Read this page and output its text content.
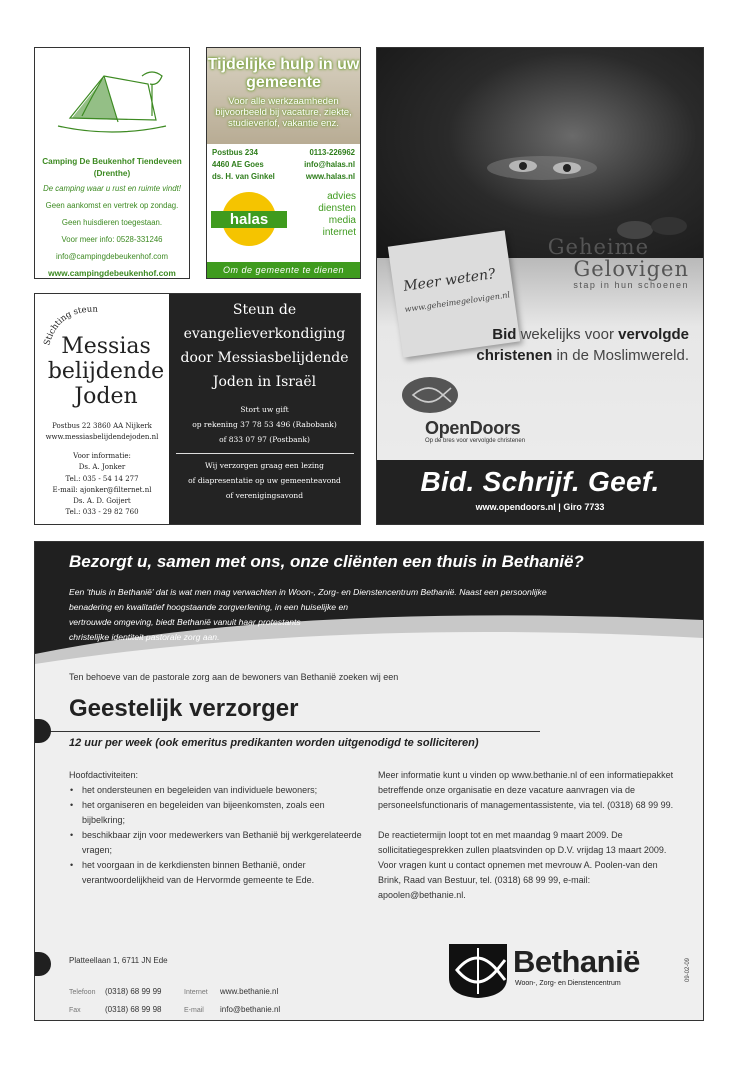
Camping De Beukenhof Tiendeveen (Drenthe)
De camping waar u rust en ruimte vindt!
Geen aankomst en vertrek op zondag.
Geen huisdieren toegestaan.
Voor meer info: 0528-331246
info@campingdebeukenhof.com
www.campingdebeukenhof.com
Tijdelijke hulp in uw gemeente
Voor alle werkzaamheden bijvoorbeeld bij vacature, ziekte, studieverlof, vakantie enz.
Postbus 234	0113-226962
4460 AE Goes	info@halas.nl
ds. H. van Ginkel	www.halas.nl
halas
advies
diensten
media
internet
Om de gemeente te dienen	Meer weten?
www.geheimegelovigen.nl
Geheime
Gelovigen
stap in hun schoenen
Bid wekelijks voor vervolgde
christenen in de Moslimwereld.
OpenDoors
Op de bres voor vervolgde christenen
Bid. Schrijf. Geef.
www.opendoors.nl | Giro 7733
Stichting steun
Messias
belijdende
Joden
Postbus 22 3860 AA Nijkerk
www.messiasbelijdendejoden.nl
Voor informatie:
Ds. A. Jonker
Tel.: 035 - 54 14 277
E-mail: ajonker@filternet.nl
Ds. A. D. Goijert
Tel.: 033 - 29 82 760
Steun de
evangelieverkondiging
door Messiasbelijdende
Joden in Israël
Stort uw gift
op rekening 37 78 53 496 (Rabobank)
of 833 07 97 (Postbank)
Wij verzorgen graag een lezing
of diapresentatie op uw gemeenteavond
of verenigingsavond
Bezorgt u, samen met ons, onze cliënten een thuis in Bethanië?
Een 'thuis in Bethanië' dat is wat men mag verwachten in Woon-, Zorg- en Dienstencentrum Bethanië. Naast een persoonlijke
benadering en kwalitatief hoogstaande zorgverlening, in een huiselijke en
vertrouwde omgeving, biedt Bethanië vanuit haar protestants
christelijke identiteit pastorale zorg aan.
Ten behoeve van de pastorale zorg aan de bewoners van Bethanië zoeken wij een
Geestelijk verzorger
12 uur per week (ook emeritus predikanten worden uitgenodigd te solliciteren)
Hoofdactiviteiten:
• het ondersteunen en begeleiden van individuele bewoners;
• het organiseren en begeleiden van bijeenkomsten, zoals een bijbelkring;
• beschikbaar zijn voor medewerkers van Bethanië bij werkgerelateerde vragen;
• het voorgaan in de kerkdiensten binnen Bethanië, onder verantwoordelijkheid van de Hervormde gemeente te Ede.

Meer informatie kunt u vinden op www.bethanie.nl of een informatiepakket betreffende onze organisatie en deze vacature aanvragen via de personeelsfunctionaris of managementassistente, via tel. (0318) 68 99 99.

De reactietermijn loopt tot en met maandag 9 maart 2009. De sollicitatiegesprekken zullen plaatsvinden op D.V. vrijdag 13 maart 2009. Voor vragen kunt u contact opnemen met mevrouw A. Poolen-van den Brink, Raad van Bestuur, tel. (0318) 68 99 99, e-mail: apoolen@bethanie.nl.

Platteellaan 1, 6711 JN Ede
Telefoon (0318) 68 99 99	Internet www.bethanie.nl
Fax	(0318) 68 99 98	E-mail info@bethanie.nl
Bethanië
Woon-, Zorg- en Dienstencentrum
09-02-09
